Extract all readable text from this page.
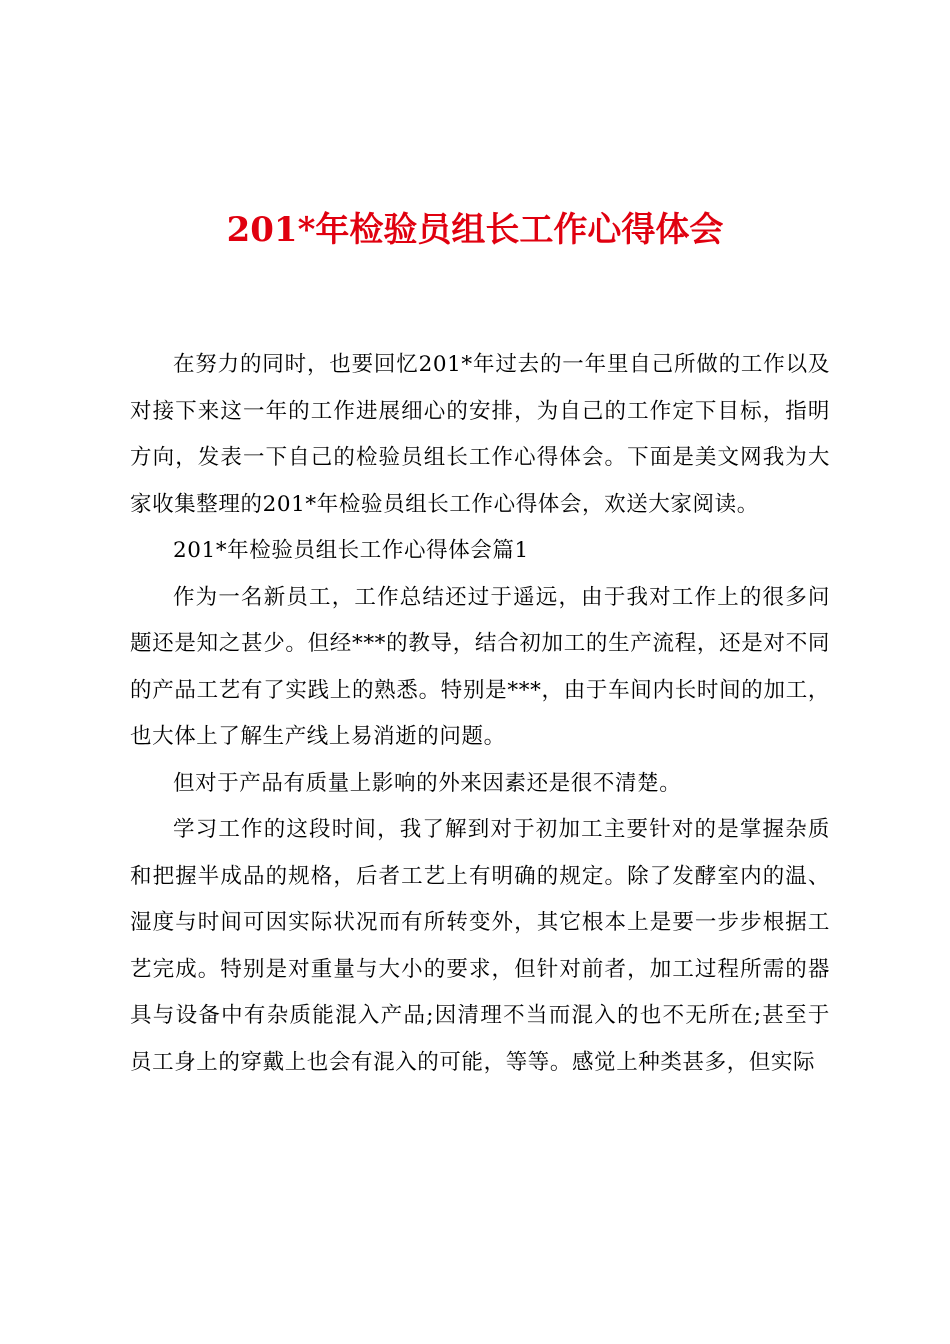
201*年检验员组长工作心得体会

在努力的同时，也要回忆201*年过去的一年里自己所做的工作以及对接下来这一年的工作进展细心的安排，为自己的工作定下目标，指明方向，发表一下自己的检验员组长工作心得体会。下面是美文网我为大家收集整理的201*年检验员组长工作心得体会，欢送大家阅读。

201*年检验员组长工作心得体会篇1

作为一名新员工，工作总结还过于遥远，由于我对工作上的很多问题还是知之甚少。但经***的教导，结合初加工的生产流程，还是对不同的产品工艺有了实践上的熟悉。特别是***，由于车间内长时间的加工，也大体上了解生产线上易消逝的问题。

但对于产品有质量上影响的外来因素还是很不清楚。

学习工作的这段时间，我了解到对于初加工主要针对的是掌握杂质和把握半成品的规格，后者工艺上有明确的规定。除了发酵室内的温、湿度与时间可因实际状况而有所转变外，其它根本上是要一步步根据工艺完成。特别是对重量与大小的要求，但针对前者，加工过程所需的器具与设备中有杂质能混入产品;因清理不当而混入的也不无所在;甚至于员工身上的穿戴上也会有混入的可能，等等。感觉上种类甚多，但实际
